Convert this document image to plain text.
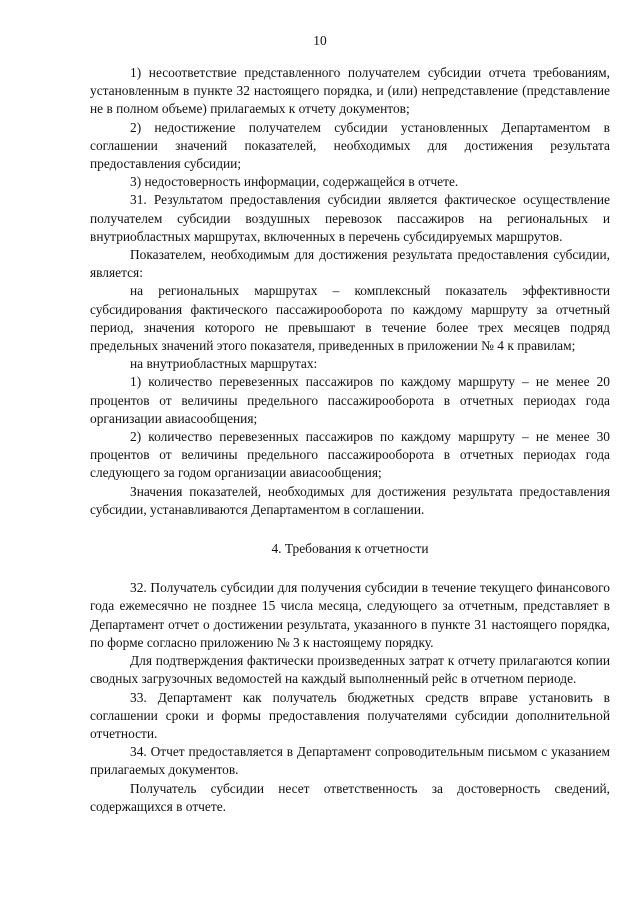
10

1) несоответствие представленного получателем субсидии отчета требованиям, установленным в пункте 32 настоящего порядка, и (или) непредставление (представление не в полном объеме) прилагаемых к отчету документов;

2) недостижение получателем субсидии установленных Департаментом в соглашении значений показателей, необходимых для достижения результата предоставления субсидии;

3) недостоверность информации, содержащейся в отчете.

31. Результатом предоставления субсидии является фактическое осуществление получателем субсидии воздушных перевозок пассажиров на региональных и внутриобластных маршрутах, включенных в перечень субсидируемых маршрутов.

Показателем, необходимым для достижения результата предоставления субсидии, является:

на региональных маршрутах – комплексный показатель эффективности субсидирования фактического пассажирооборота по каждому маршруту за отчетный период, значения которого не превышают в течение более трех месяцев подряд предельных значений этого показателя, приведенных в приложении № 4 к правилам;

на внутриобластных маршрутах:

1) количество перевезенных пассажиров по каждому маршруту – не менее 20 процентов от величины предельного пассажирооборота в отчетных периодах года организации авиасообщения;

2) количество перевезенных пассажиров по каждому маршруту – не менее 30 процентов от величины предельного пассажирооборота в отчетных периодах года следующего за годом организации авиасообщения;

Значения показателей, необходимых для достижения результата предоставления субсидии, устанавливаются Департаментом в соглашении.

4. Требования к отчетности

32. Получатель субсидии для получения субсидии в течение текущего финансового года ежемесячно не позднее 15 числа месяца, следующего за отчетным, представляет в Департамент отчет о достижении результата, указанного в пункте 31 настоящего порядка, по форме согласно приложению № 3 к настоящему порядку.

Для подтверждения фактически произведенных затрат к отчету прилагаются копии сводных загрузочных ведомостей на каждый выполненный рейс в отчетном периоде.

33. Департамент как получатель бюджетных средств вправе установить в соглашении сроки и формы предоставления получателями субсидии дополнительной отчетности.

34. Отчет предоставляется в Департамент сопроводительным письмом с указанием прилагаемых документов.

Получатель субсидии несет ответственность за достоверность сведений, содержащихся в отчете.
